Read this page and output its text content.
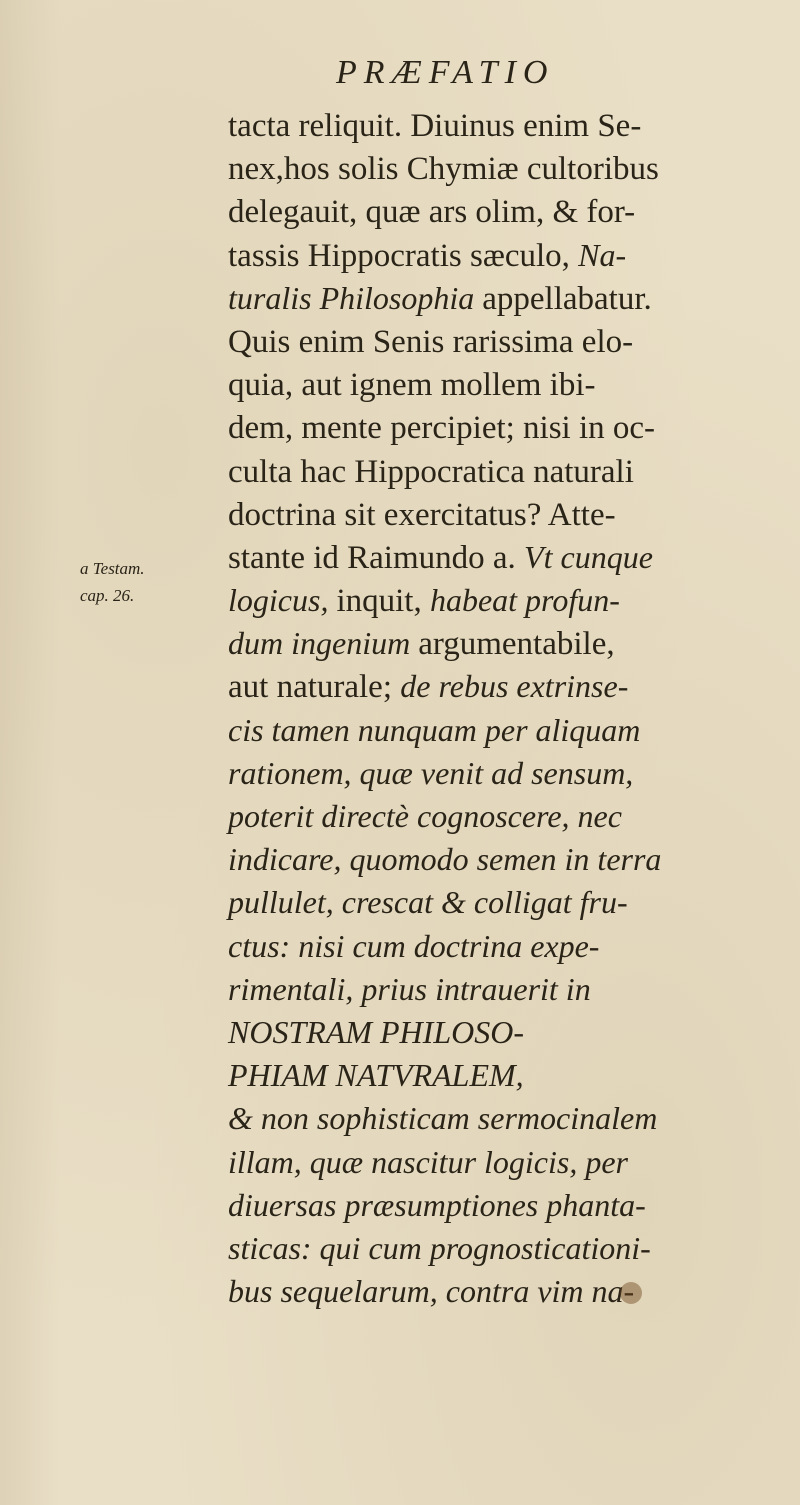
PRÆFATIO
a Testam.
cap. 26.
tacta reliquit. Diuinus enim Se-
nex,hos solis Chymiæ cultoribus
delegauit, quæ ars olim, & for-
tassis Hippocratis sæculo, Na-
turalis Philosophia appellabatur.
Quis enim Senis rarissima elo-
quia, aut ignem mollem ibi-
dem, mente percipiet; nisi in oc-
culta hac Hippocratica naturali
doctrina sit exercitatus? Atte-
stante id Raimundo a. Vt cunque
logicus, inquit, habeat profun-
dum ingenium argumentabile,
aut naturale; de rebus extrinse-
cis tamen nunquam per aliquam
rationem, quæ venit ad sensum,
poterit directè cognoscere, nec
indicare, quomodo semen in terra
pullulet, crescat & colligat fru-
ctus: nisi cum doctrina expe-
rimentali, prius intrauerit in
NOSTRAM PHILOSO-
PHIAM NATVRALEM,
& non sophisticam sermocinalem
illam, quæ nascitur logicis, per
diuersas præsumptiones phanta-
sticas: qui cum prognosticationi-
bus sequelarum, contra vim na-
